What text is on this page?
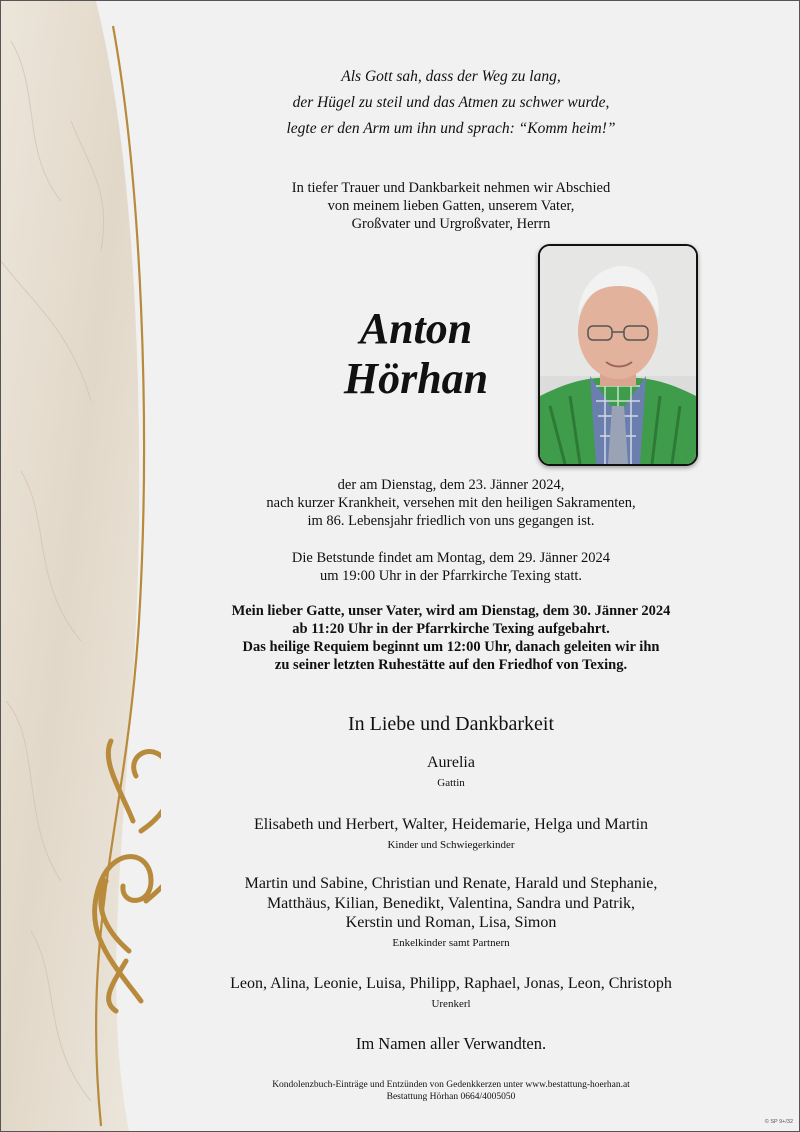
Als Gott sah, dass der Weg zu lang,
der Hügel zu steil und das Atmen zu schwer wurde,
legte er den Arm um ihn und sprach: “Komm heim!”
In tiefer Trauer und Dankbarkeit nehmen wir Abschied
von meinem lieben Gatten, unserem Vater,
Großvater und Urgroßvater, Herrn
Anton
Hörhan
der am Dienstag, dem 23. Jänner 2024,
nach kurzer Krankheit, versehen mit den heiligen Sakramenten,
im 86. Lebensjahr friedlich von uns gegangen ist.
Die Betstunde findet am Montag, dem 29. Jänner 2024
um 19:00 Uhr in der Pfarrkirche Texing statt.
Mein lieber Gatte, unser Vater, wird am Dienstag, dem 30. Jänner 2024
ab 11:20 Uhr in der Pfarrkirche Texing aufgebahrt.
Das heilige Requiem beginnt um 12:00 Uhr, danach geleiten wir ihn
zu seiner letzten Ruhestätte auf den Friedhof von Texing.
In Liebe und Dankbarkeit
Aurelia
Gattin
Elisabeth und Herbert, Walter, Heidemarie, Helga und Martin
Kinder und Schwiegerkinder
Martin und Sabine, Christian und Renate, Harald und Stephanie,
Matthäus, Kilian, Benedikt, Valentina, Sandra und Patrik,
Kerstin und Roman, Lisa, Simon
Enkelkinder samt Partnern
Leon, Alina, Leonie, Luisa, Philipp, Raphael, Jonas, Leon, Christoph
Urenkerl
Im Namen aller Verwandten.
Kondolenzbuch-Einträge und Entzünden von Gedenkkerzen unter www.bestattung-hoerhan.at
Bestattung Hörhan 0664/4005050
© SP 9+/32
